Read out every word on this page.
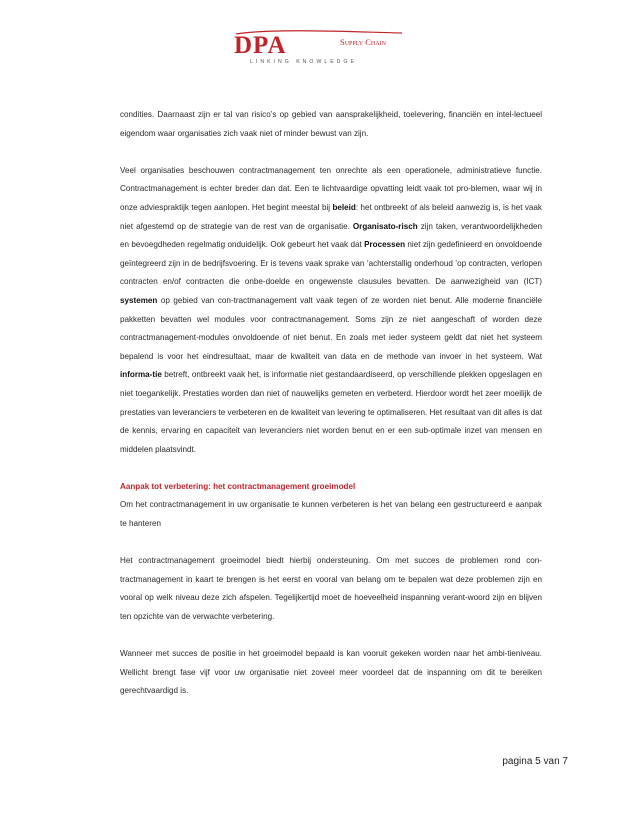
DPA	Supply Chain
LINKING KNOWLEDGE

condities. Daarnaast zijn er tal van risico’s op gebied van aansprakelijkheid, toelevering, financiën en intel-lectueel eigendom waar organisaties zich vaak niet of minder bewust van zijn.

Veel organisaties beschouwen contractmanagement ten onrechte als een operationele, administratieve functie. Contractmanagement is echter breder dan dat. Een te lichtvaardige opvatting leidt vaak tot pro-blemen, waar wij in onze adviespraktijk tegen aanlopen. Het begint meestal bij beleid: het ontbreekt of als beleid aanwezig is, is het vaak niet afgestemd op de strategie van de rest van de organisatie. Organisato-risch zijn taken, verantwoordelijkheden en bevoegdheden regelmatig onduidelijk. Ook gebeurt het vaak dat Processen niet zijn gedefinieerd en onvoldoende geïntegreerd zijn in de bedrijfsvoering. Er is tevens vaak sprake van ‘achterstallig onderhoud ’op contracten, verlopen contracten en/of contracten die onbe-doelde en ongewenste clausules bevatten. De aanwezigheid van (ICT) systemen op gebied van con-tractmanagement valt vaak tegen of ze worden niet benut. Alle moderne financiële pakketten bevatten wel modules voor contractmanagement. Soms zijn ze niet aangeschaft of worden deze contractmanagement-modules onvoldoende of niet benut. En zoals met ieder systeem geldt dat niet het systeem bepalend is voor het eindresultaat, maar de kwaliteit van data en de methode van invoer in het systeem. Wat informa-tie betreft, ontbreekt vaak het, is informatie niet gestandaardiseerd, op verschillende plekken opgeslagen en niet toegankelijk. Prestaties worden dan niet of nauwelijks gemeten en verbeterd. Hierdoor wordt het zeer moeilijk de prestaties van leveranciers te verbeteren en de kwaliteit van levering te optimaliseren. Het resultaat van dit alles is dat de kennis, ervaring en capaciteit van leveranciers niet worden benut en er een sub-optimale inzet van mensen en middelen plaatsvindt.

Aanpak tot verbetering: het contractmanagement groeimodel

Om het contractmanagement in uw organisatie te kunnen verbeteren is het van belang een gestructureerd e aanpak te hanteren

Het contractmanagement groeimodel biedt hierbij ondersteuning. Om met succes de problemen rond con-tractmanagement in kaart te brengen is het eerst en vooral van belang om te bepalen wat deze problemen zijn en vooral op welk niveau deze zich afspelen. Tegelijkertijd moet de hoeveelheid inspanning verant-woord zijn en blijven ten opzichte van de verwachte verbetering.

Wanneer met succes de positie in het groeimodel bepaald is kan vooruit gekeken worden naar het ambi-tieniveau. Wellicht brengt fase vijf voor uw organisatie niet zoveel meer voordeel dat de inspanning om dit te bereiken gerechtvaardigd is.

pagina 5 van 7
